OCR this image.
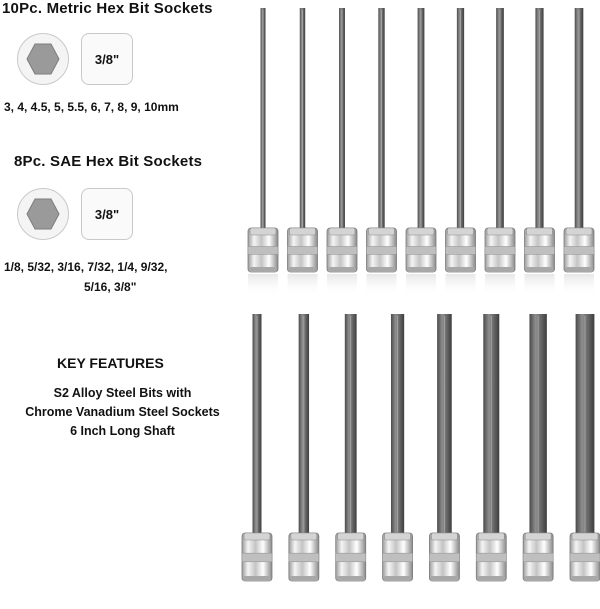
10Pc. Metric Hex Bit Sockets
3/8"
3, 4, 4.5, 5, 5.5, 6, 7, 8, 9, 10mm
8Pc. SAE Hex Bit Sockets
3/8"
1/8, 5/32, 3/16, 7/32, 1/4, 9/32,
5/16, 3/8"
KEY FEATURES
S2 Alloy Steel Bits with
Chrome Vanadium Steel Sockets
6 Inch Long Shaft
